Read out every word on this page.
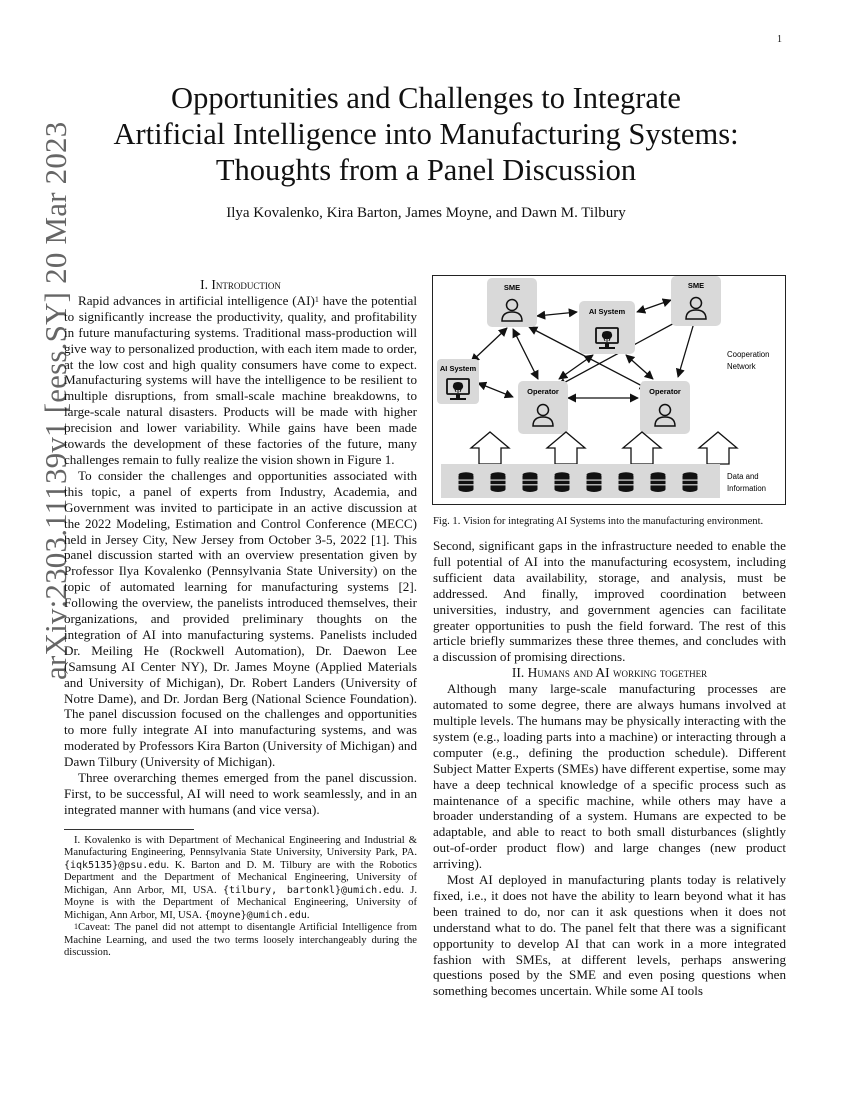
1
arXiv:2303.11139v1 [eess.SY] 20 Mar 2023
Opportunities and Challenges to Integrate
Artificial Intelligence into Manufacturing Systems:
Thoughts from a Panel Discussion
Ilya Kovalenko, Kira Barton, James Moyne, and Dawn M. Tilbury

I. Introduction

Rapid advances in artificial intelligence (AI)$^1$ have the potential to significantly increase the productivity, quality, and profitability in future manufacturing systems. Traditional mass-production will give way to personalized production, with each item made to order, at the low cost and high quality consumers have come to expect. Manufacturing systems will have the intelligence to be resilient to multiple disruptions, from small-scale machine breakdowns, to large-scale natural disasters. Products will be made with higher precision and lower variability. While gains have been made towards the development of these factories of the future, many challenges remain to fully realize the vision shown in Figure 1.

To consider the challenges and opportunities associated with this topic, a panel of experts from Industry, Academia, and Government was invited to participate in an active discussion at the 2022 Modeling, Estimation and Control Conference (MECC) held in Jersey City, New Jersey from October 3-5, 2022 [1]. This panel discussion started with an overview presentation given by Professor Ilya Kovalenko (Pennsylvania State University) on the topic of automated learning for manufacturing systems [2]. Following the overview, the panelists introduced themselves, their organizations, and provided preliminary thoughts on the integration of AI into manufacturing systems. Panelists included Dr. Meiling He (Rockwell Automation), Dr. Daewon Lee (Samsung AI Center NY), Dr. James Moyne (Applied Materials and University of Michigan), Dr. Robert Landers (University of Notre Dame), and Dr. Jordan Berg (National Science Foundation). The panel discussion focused on the challenges and opportunities to more fully integrate AI into manufacturing systems, and was moderated by Professors Kira Barton (University of Michigan) and Dawn Tilbury (University of Michigan).

Three overarching themes emerged from the panel discussion. First, to be successful, AI will need to work seamlessly, and in an integrated manner with humans (and vice versa).

I. Kovalenko is with Department of Mechanical Engineering and Industrial & Manufacturing Engineering, Pennsylvania State University, University Park, PA. {iqk5135}@psu.edu. K. Barton and D. M. Tilbury are with the Robotics Department and the Department of Mechanical Engineering, University of Michigan, Ann Arbor, MI, USA. {tilbury, bartonkl}@umich.edu. J. Moyne is with the Department of Mechanical Engineering, University of Michigan, Ann Arbor, MI, USA. {moyne}@umich.edu.

$^1$Caveat: The panel did not attempt to disentangle Artificial Intelligence from Machine Learning, and used the two terms loosely interchangeably during the discussion.

SME	SME
AI System
AI System
Operator	Operator
Cooperation
Network
Data and
Information
Fig. 1. Vision for integrating AI Systems into the manufacturing environment.

Second, significant gaps in the infrastructure needed to enable the full potential of AI into the manufacturing ecosystem, including sufficient data availability, storage, and analysis, must be addressed. And finally, improved coordination between universities, industry, and government agencies can facilitate greater opportunities to push the field forward. The rest of this article briefly summarizes these three themes, and concludes with a discussion of promising directions.

II. Humans and AI working together

Although many large-scale manufacturing processes are automated to some degree, there are always humans involved at multiple levels. The humans may be physically interacting with the system (e.g., loading parts into a machine) or interacting through a computer (e.g., defining the production schedule). Different Subject Matter Experts (SMEs) have different expertise, some may have a deep technical knowledge of a specific process such as maintenance of a specific machine, while others may have a broader understanding of a system. Humans are expected to be adaptable, and able to react to both small disturbances (slightly out-of-order product flow) and large changes (new product arriving).

Most AI deployed in manufacturing plants today is relatively fixed, i.e., it does not have the ability to learn beyond what it has been trained to do, nor can it ask questions when it does not understand what to do. The panel felt that there was a significant opportunity to develop AI that can work in a more integrated fashion with SMEs, at different levels, perhaps answering questions posed by the SME and even posing questions when something becomes uncertain. While some AI tools
